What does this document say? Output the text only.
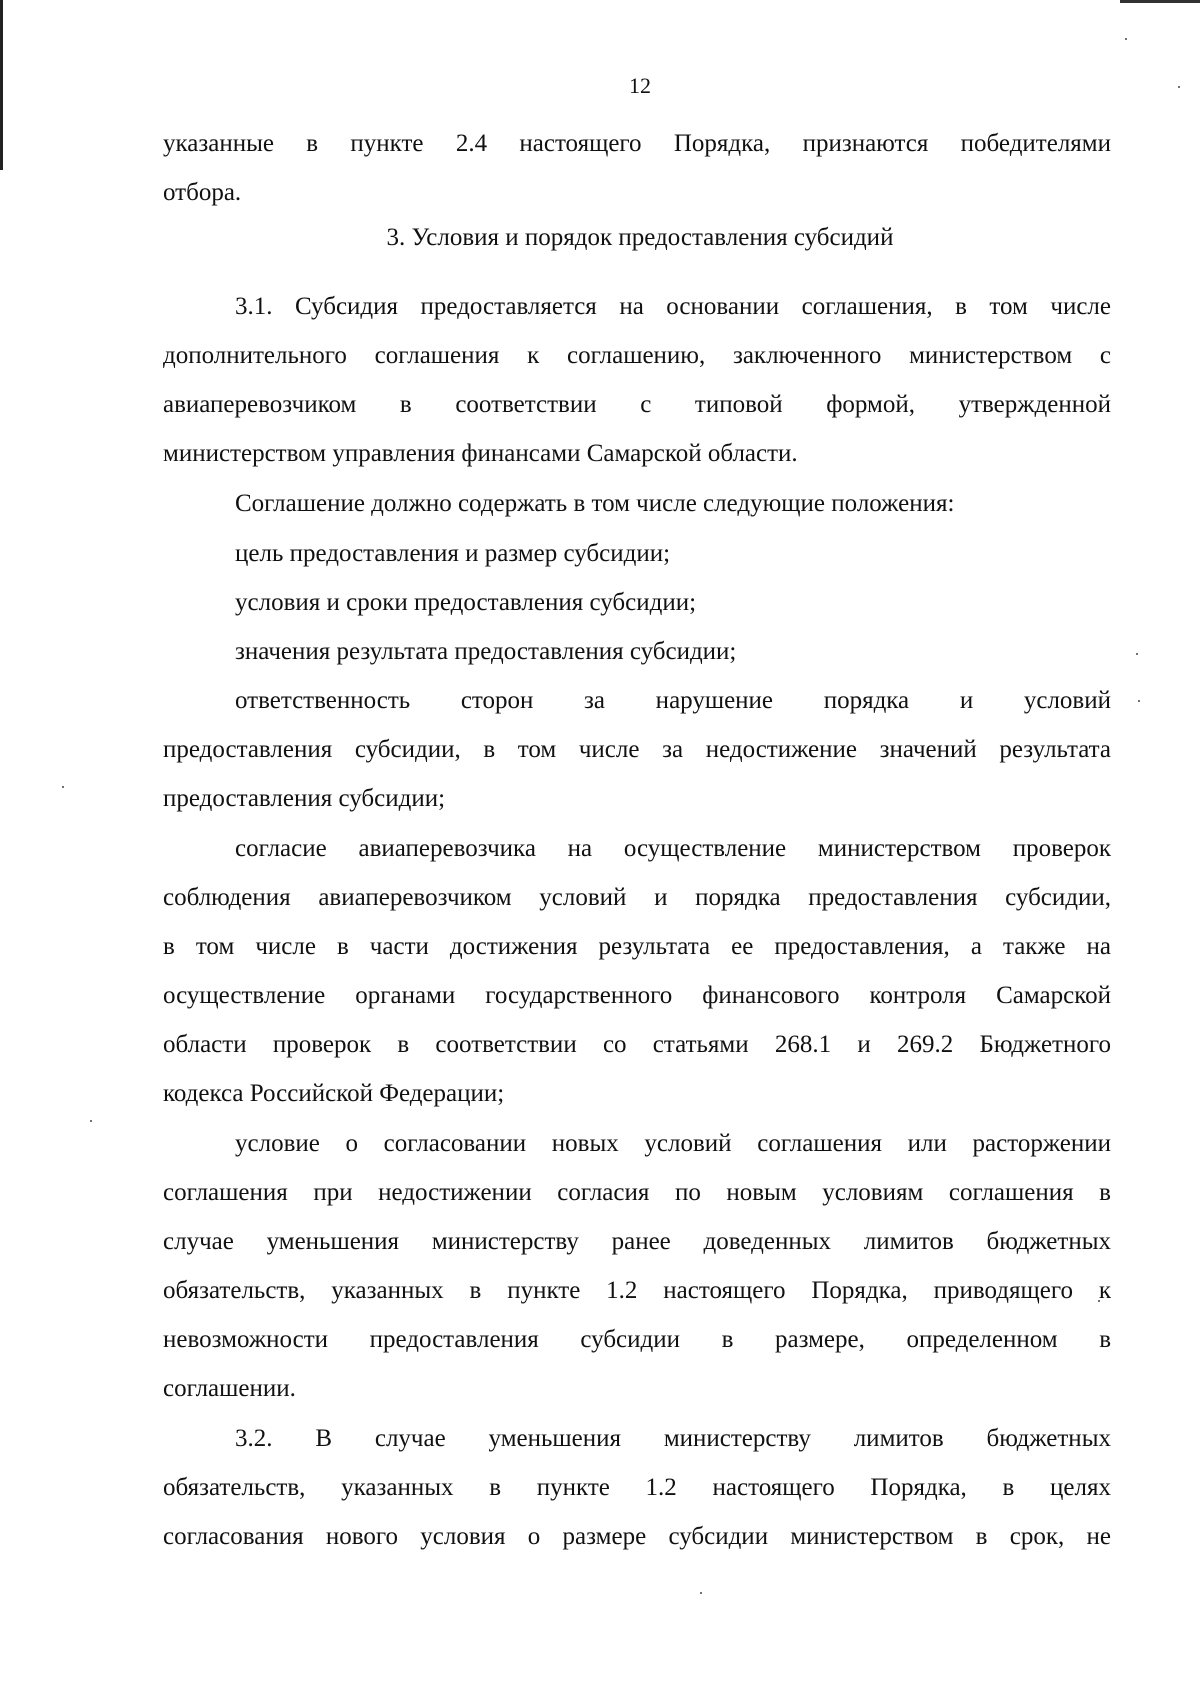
12
указанные в пункте 2.4 настоящего Порядка, признаются победителями
отбора.
3. Условия и порядок предоставления субсидий
3.1. Субсидия предоставляется на основании соглашения, в том числе
дополнительного соглашения к соглашению, заключенного министерством с
авиаперевозчиком в соответствии с типовой формой, утвержденной
министерством управления финансами Самарской области.
Соглашение должно содержать в том числе следующие положения:
цель предоставления и размер субсидии;
условия и сроки предоставления субсидии;
значения результата предоставления субсидии;
ответственность сторон за нарушение порядка и условий
предоставления субсидии, в том числе за недостижение значений результата
предоставления субсидии;
согласие авиаперевозчика на осуществление министерством проверок
соблюдения авиаперевозчиком условий и порядка предоставления субсидии,
в том числе в части достижения результата ее предоставления, а также на
осуществление органами государственного финансового контроля Самарской
области проверок в соответствии со статьями 268.1 и 269.2 Бюджетного
кодекса Российской Федерации;
условие о согласовании новых условий соглашения или расторжении
соглашения при недостижении согласия по новым условиям соглашения в
случае уменьшения министерству ранее доведенных лимитов бюджетных
обязательств, указанных в пункте 1.2 настоящего Порядка, приводящего к
невозможности предоставления субсидии в размере, определенном в
соглашении.
3.2. В случае уменьшения министерству лимитов бюджетных
обязательств, указанных в пункте 1.2 настоящего Порядка, в целях
согласования нового условия о размере субсидии министерством в срок, не
